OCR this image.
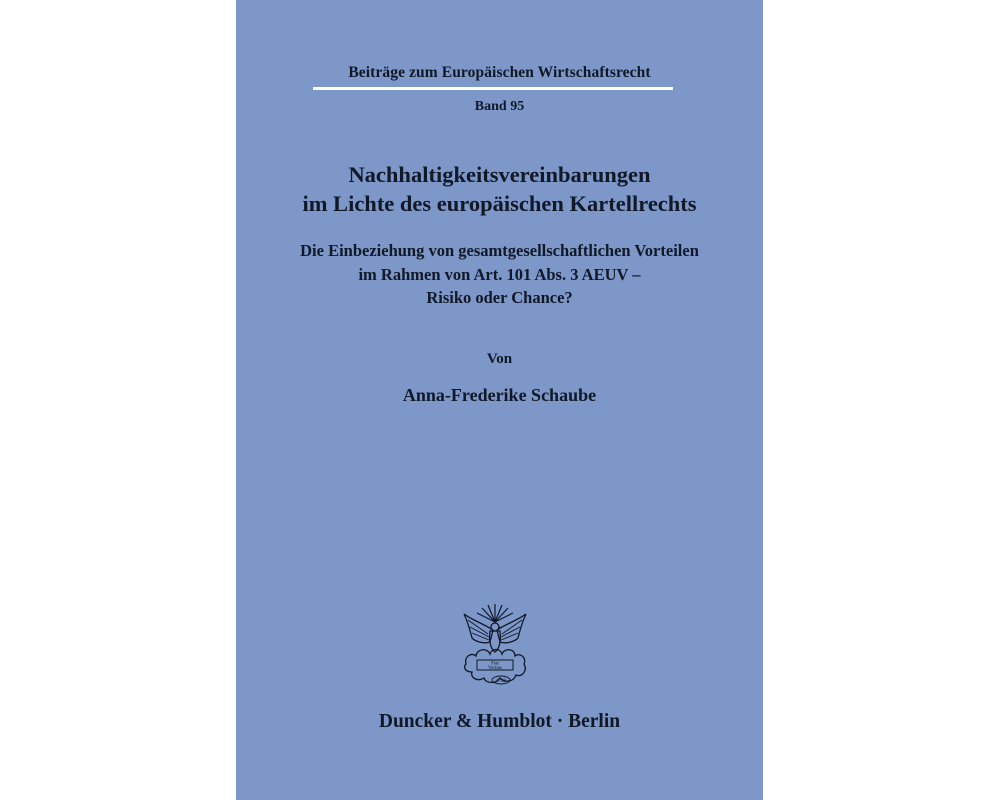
Beiträge zum Europäischen Wirtschaftsrecht
Band 95
Nachhaltigkeitsvereinbarungen
im Lichte des europäischen Kartellrechts
Die Einbeziehung von gesamtgesellschaftlichen Vorteilen
im Rahmen von Art. 101 Abs. 3 AEUV –
Risiko oder Chance?
Von
Anna-Frederike Schaube
Fiat
Veritas
1798
Duncker & Humblot · Berlin
